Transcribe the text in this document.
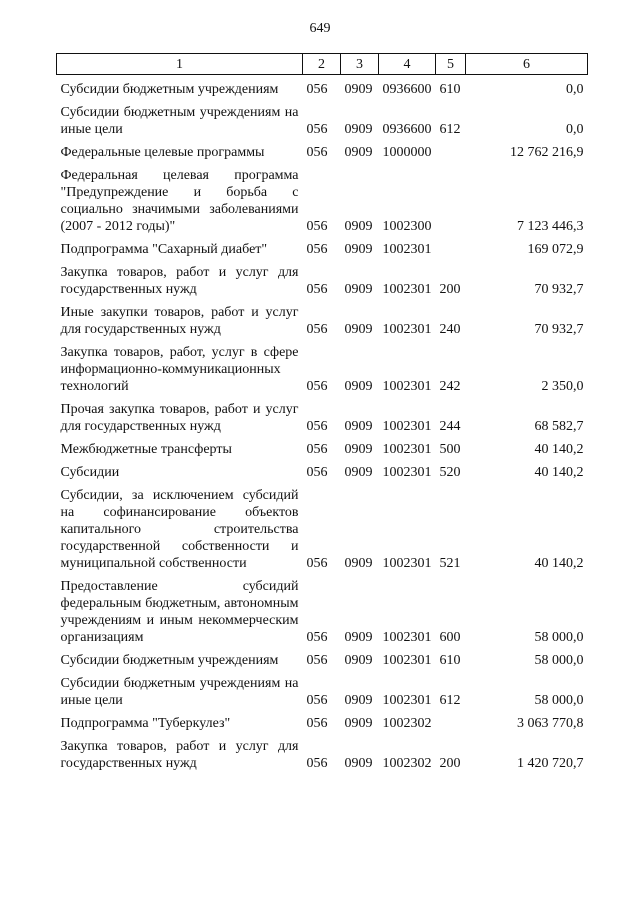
649
1	2	3	4	5	6
Субсидии бюджетным учреждениям	056	0909	0936600	610	0,0
Субсидии бюджетным учреждениям на иные цели	056	0909	0936600	612	0,0
Федеральные целевые программы	056	0909	1000000		12 762 216,9
Федеральная целевая программа "Предупреждение и борьба с социально значимыми заболеваниями (2007 - 2012 годы)"	056	0909	1002300		7 123 446,3
Подпрограмма "Сахарный диабет"	056	0909	1002301		169 072,9
Закупка товаров, работ и услуг для государственных нужд	056	0909	1002301	200	70 932,7
Иные закупки товаров, работ и услуг для государственных нужд	056	0909	1002301	240	70 932,7
Закупка товаров, работ, услуг в сфере информационно-коммуникационных технологий	056	0909	1002301	242	2 350,0
Прочая закупка товаров, работ и услуг для государственных нужд	056	0909	1002301	244	68 582,7
Межбюджетные трансферты	056	0909	1002301	500	40 140,2
Субсидии	056	0909	1002301	520	40 140,2
Субсидии, за исключением субсидий на софинансирование объектов капитального строительства государственной собственности и муниципальной собственности	056	0909	1002301	521	40 140,2
Предоставление субсидий федеральным бюджетным, автономным учреждениям и иным некоммерческим организациям	056	0909	1002301	600	58 000,0
Субсидии бюджетным учреждениям	056	0909	1002301	610	58 000,0
Субсидии бюджетным учреждениям на иные цели	056	0909	1002301	612	58 000,0
Подпрограмма "Туберкулез"	056	0909	1002302		3 063 770,8
Закупка товаров, работ и услуг для государственных нужд	056	0909	1002302	200	1 420 720,7
